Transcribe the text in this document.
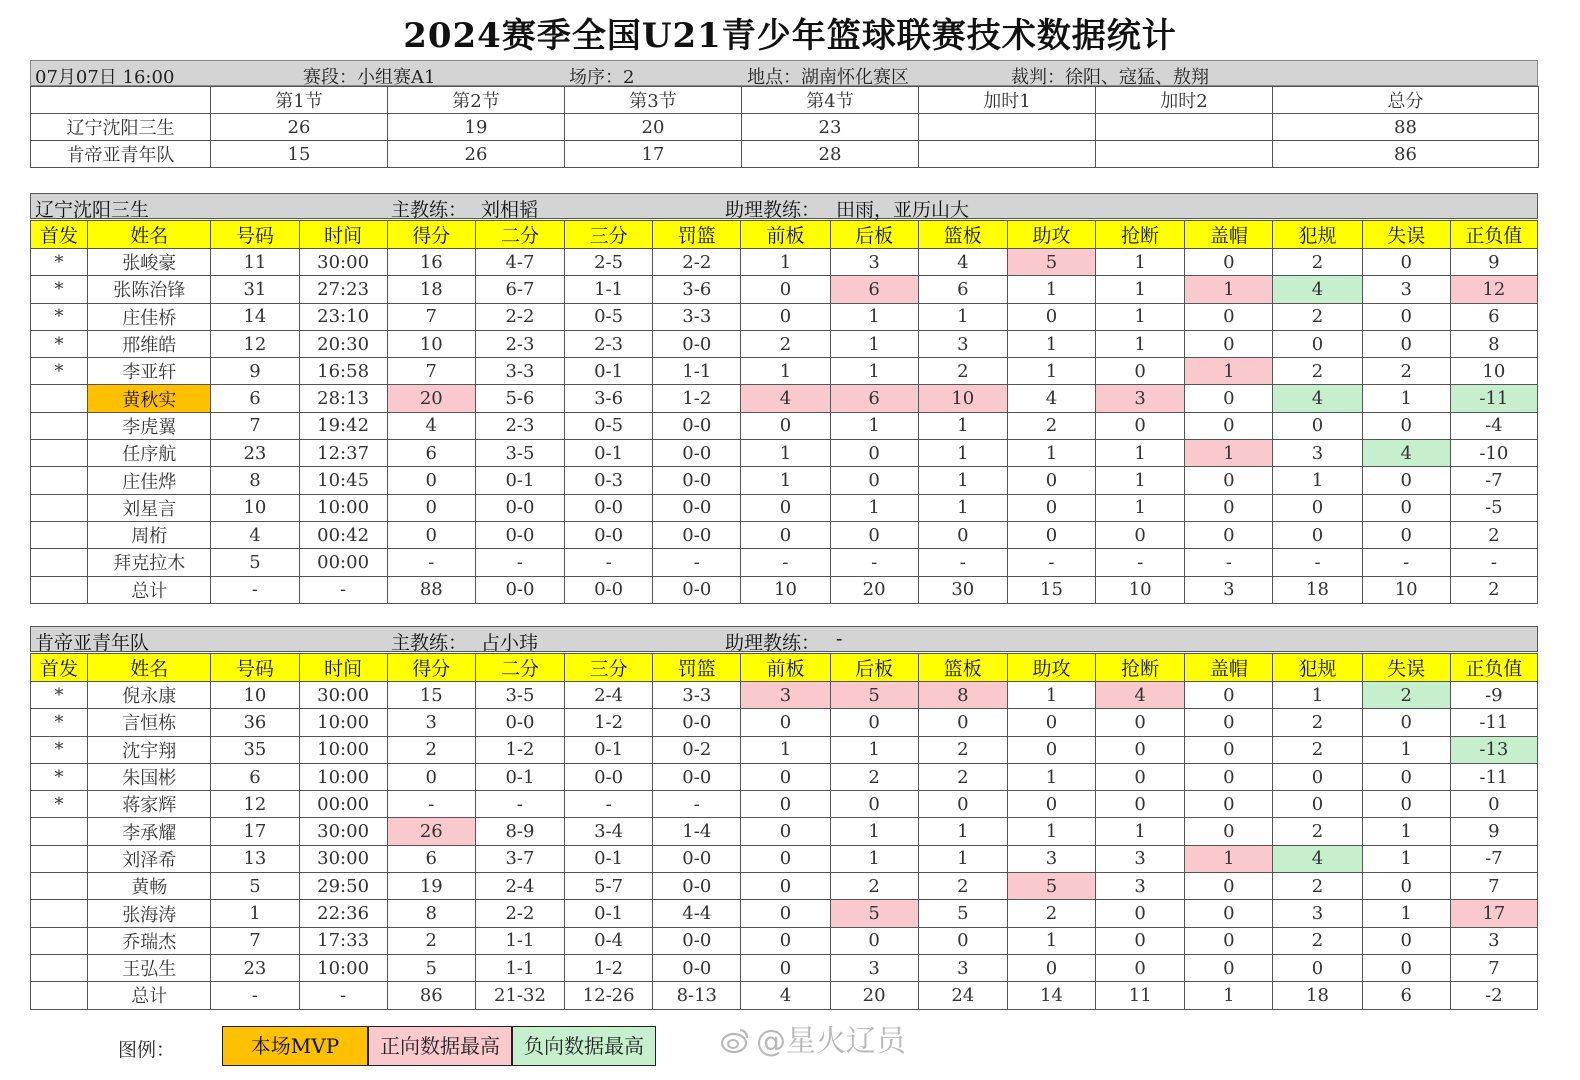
2024赛季全国U21青少年篮球联赛技术数据统计
07月07日 16:00	赛段：小组赛A1	场序：2	地点：湖南怀化赛区	裁判：徐阳、寇猛、敖翔
	第1节	第2节	第3节	第4节	加时1	加时2	总分
辽宁沈阳三生	26	19	20	23			88
肯帝亚青年队	15	26	17	28			86
辽宁沈阳三生	主教练： 刘相韬	助理教练： 田雨，亚历山大
首发	姓名	号码	时间	得分	二分	三分	罚篮	前板	后板	篮板	助攻	抢断	盖帽	犯规	失误	正负值
*	张峻豪	11	30:00	16	4-7	2-5	2-2	1	3	4	5	1	0	2	0	9
*	张陈治锋	31	27:23	18	6-7	1-1	3-6	0	6	6	1	1	1	4	3	12
*	庄佳桥	14	23:10	7	2-2	0-5	3-3	0	1	1	0	1	0	2	0	6
*	邢维皓	12	20:30	10	2-3	2-3	0-0	2	1	3	1	1	0	0	0	8
*	李亚轩	9	16:58	7	3-3	0-1	1-1	1	1	2	1	0	1	2	2	10
	黄秋实	6	28:13	20	5-6	3-6	1-2	4	6	10	4	3	0	4	1	-11
	李虎翼	7	19:42	4	2-3	0-5	0-0	0	1	1	2	0	0	0	0	-4
	任序航	23	12:37	6	3-5	0-1	0-0	1	0	1	1	1	1	3	4	-10
	庄佳烨	8	10:45	0	0-1	0-3	0-0	1	0	1	0	1	0	1	0	-7
	刘星言	10	10:00	0	0-0	0-0	0-0	0	1	1	0	1	0	0	0	-5
	周桁	4	00:42	0	0-0	0-0	0-0	0	0	0	0	0	0	0	0	2
	拜克拉木	5	00:00	-	-	-	-	-	-	-	-	-	-	-	-	-
	总计	-	-	88	0-0	0-0	0-0	10	20	30	15	10	3	18	10	2
肯帝亚青年队	主教练： 占小玮	助理教练： -
首发	姓名	号码	时间	得分	二分	三分	罚篮	前板	后板	篮板	助攻	抢断	盖帽	犯规	失误	正负值
*	倪永康	10	30:00	15	3-5	2-4	3-3	3	5	8	1	4	0	1	2	-9
*	言恒栋	36	10:00	3	0-0	1-2	0-0	0	0	0	0	0	0	2	0	-11
*	沈宇翔	35	10:00	2	1-2	0-1	0-2	1	1	2	0	0	0	2	1	-13
*	朱国彬	6	10:00	0	0-1	0-0	0-0	0	2	2	1	0	0	0	0	-11
*	蒋家辉	12	00:00	-	-	-	-	0	0	0	0	0	0	0	0	0
	李承耀	17	30:00	26	8-9	3-4	1-4	0	1	1	1	1	0	2	1	9
	刘泽希	13	30:00	6	3-7	0-1	0-0	0	1	1	3	3	1	4	1	-7
	黄畅	5	29:50	19	2-4	5-7	0-0	0	2	2	5	3	0	2	0	7
	张海涛	1	22:36	8	2-2	0-1	4-4	0	5	5	2	0	0	3	1	17
	乔瑞杰	7	17:33	2	1-1	0-4	0-0	0	0	0	1	0	0	2	0	3
	王弘生	23	10:00	5	1-1	1-2	0-0	0	3	3	0	0	0	0	0	7
	总计	-	-	86	21-32	12-26	8-13	4	20	24	14	11	1	18	6	-2
图例：	本场MVP	正向数据最高	负向数据最高	@星火辽员
